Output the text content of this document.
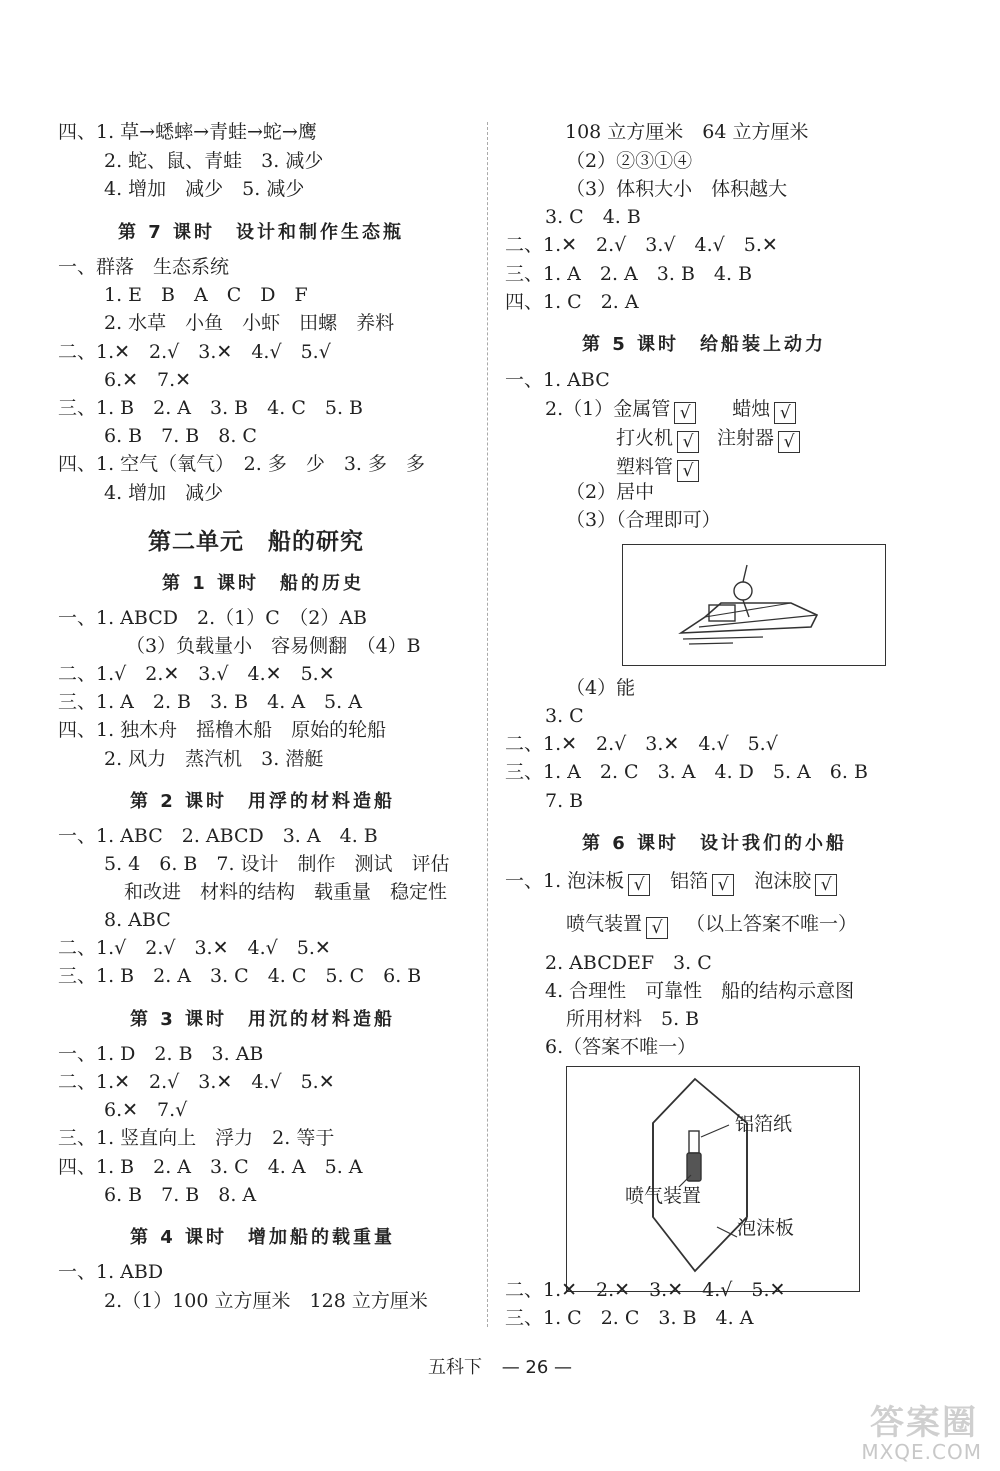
四、1. 草→蟋蟀→青蛙→蛇→鹰
2. 蛇、鼠、青蛙　3. 减少
4. 增加　减少　5. 减少
第 7 课时　设计和制作生态瓶
一、群落　生态系统
1. E　B　A　C　D　F
2. 水草　小鱼　小虾　田螺　养料
二、1.✕　2.√　3.✕　4.√　5.√
6.✕　7.✕
三、1. B　2. A　3. B　4. C　5. B
6. B　7. B　8. C
四、1. 空气（氧气）　2. 多　少　3. 多　多
4. 增加　减少
第二单元　船的研究
第 1 课时　船的历史
一、1. ABCD　2.（1）C　（2）AB
（3）负载量小　容易侧翻　（4）B
二、1.√　2.✕　3.√　4.✕　5.✕
三、1. A　2. B　3. B　4. A　5. A
四、1. 独木舟　摇橹木船　原始的轮船
2. 风力　蒸汽机　3. 潜艇
第 2 课时　用浮的材料造船
一、1. ABC　2. ABCD　3. A　4. B
5. 4　6. B　7. 设计　制作　测试　评估
和改进　材料的结构　载重量　稳定性
8. ABC
二、1.√　2.√　3.✕　4.√　5.✕
三、1. B　2. A　3. C　4. C　5. C　6. B
第 3 课时　用沉的材料造船
一、1. D　2. B　3. AB
二、1.✕　2.√　3.✕　4.√　5.✕
6.✕　7.√
三、1. 竖直向上　浮力　2. 等于
四、1. B　2. A　3. C　4. A　5. A
6. B　7. B　8. A
第 4 课时　增加船的载重量
一、1. ABD
2.（1）100 立方厘米　128 立方厘米
108 立方厘米　64 立方厘米
（2）②③①④
（3）体积大小　体积越大
3. C　4. B
二、1.✕　2.√　3.√　4.√　5.✕
三、1. A　2. A　3. B　4. B
四、1. C　2. A
第 5 课时　给船装上动力
一、1. ABC
2.（1）金属管 √ 蜡烛 √
打火机 √ 注射器 √
塑料管 √
（2）居中
（3）（合理即可）
（4）能
3. C
二、1.✕　2.√　3.✕　4.√　5.√
三、1. A　2. C　3. A　4. D　5. A　6. B
7. B
第 6 课时　设计我们的小船
一、1. 泡沫板 √ 铝箔 √ 泡沫胶 √
喷气装置 √ （以上答案不唯一）
2. ABCDEF　3. C
4. 合理性　可靠性　船的结构示意图
所用材料　5. B
6.（答案不唯一）
铝箔纸
喷气装置
泡沫板
二、1.✕　2.✕　3.✕　4.√　5.✕
五科下 — 26 —
答案圈
MXQE.COM
三、1. C　2. C　3. B　4. A
